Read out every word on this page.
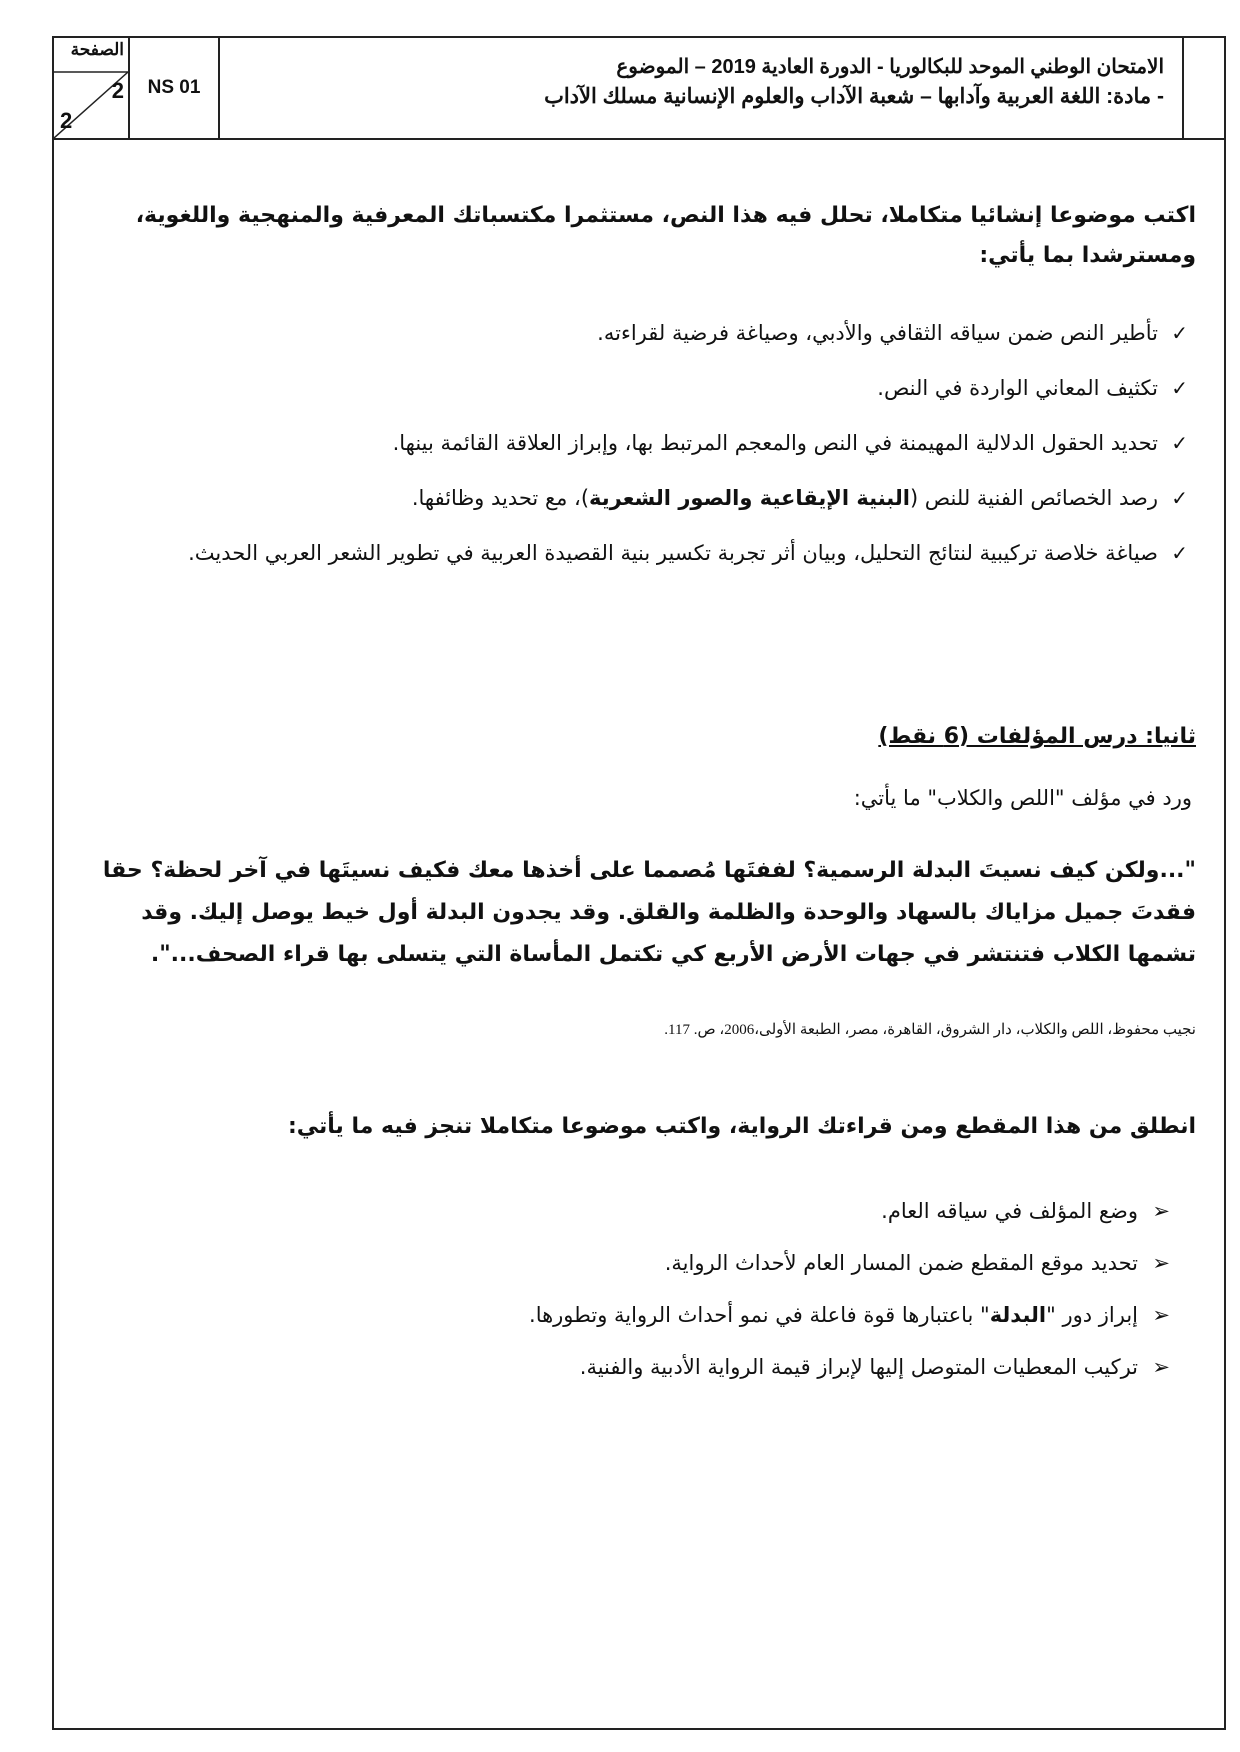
الصفحة
2
2
NS 01
الامتحان الوطني الموحد للبكالوريا - الدورة العادية 2019 – الموضوع
- مادة: اللغة العربية وآدابها – شعبة الآداب والعلوم الإنسانية مسلك الآداب
اكتب موضوعا إنشائيا متكاملا، تحلل فيه هذا النص، مستثمرا مكتسباتك المعرفية والمنهجية واللغوية، ومسترشدا بما يأتي:
✓
تأطير النص ضمن سياقه الثقافي والأدبي، وصياغة فرضية لقراءته.
✓
تكثيف المعاني الواردة في النص.
✓
تحديد الحقول الدلالية المهيمنة في النص والمعجم المرتبط بها، وإبراز العلاقة القائمة بينها.
✓
رصد الخصائص الفنية للنص (البنية الإيقاعية والصور الشعرية)، مع تحديد وظائفها.
✓
صياغة خلاصة تركيبية لنتائج التحليل، وبيان أثر تجربة تكسير بنية القصيدة العربية في تطوير الشعر العربي الحديث.
ثانيا: درس المؤلفات (6 نقط)
ورد في مؤلف "اللص والكلاب" ما يأتي:
"...ولكن كيف نسيتَ البدلة الرسمية؟ لففتَها مُصمما على أخذها معك فكيف نسيتَها في آخر لحظة؟ حقا فقدتَ جميل مزاياك بالسهاد والوحدة والظلمة والقلق. وقد يجدون البدلة أول خيط يوصل إليك. وقد تشمها الكلاب فتنتشر في جهات الأرض الأربع كي تكتمل المأساة التي يتسلى بها قراء الصحف...".
نجيب محفوظ، اللص والكلاب، دار الشروق، القاهرة، مصر، الطبعة الأولى،2006، ص. 117.
انطلق من هذا المقطع ومن قراءتك الرواية، واكتب موضوعا متكاملا تنجز فيه ما يأتي:
➢
وضع المؤلف في سياقه العام.
➢
تحديد موقع المقطع ضمن المسار العام لأحداث الرواية.
➢
إبراز دور "البدلة" باعتبارها قوة فاعلة في نمو أحداث الرواية وتطورها.
➢
تركيب المعطيات المتوصل إليها لإبراز قيمة الرواية الأدبية والفنية.
